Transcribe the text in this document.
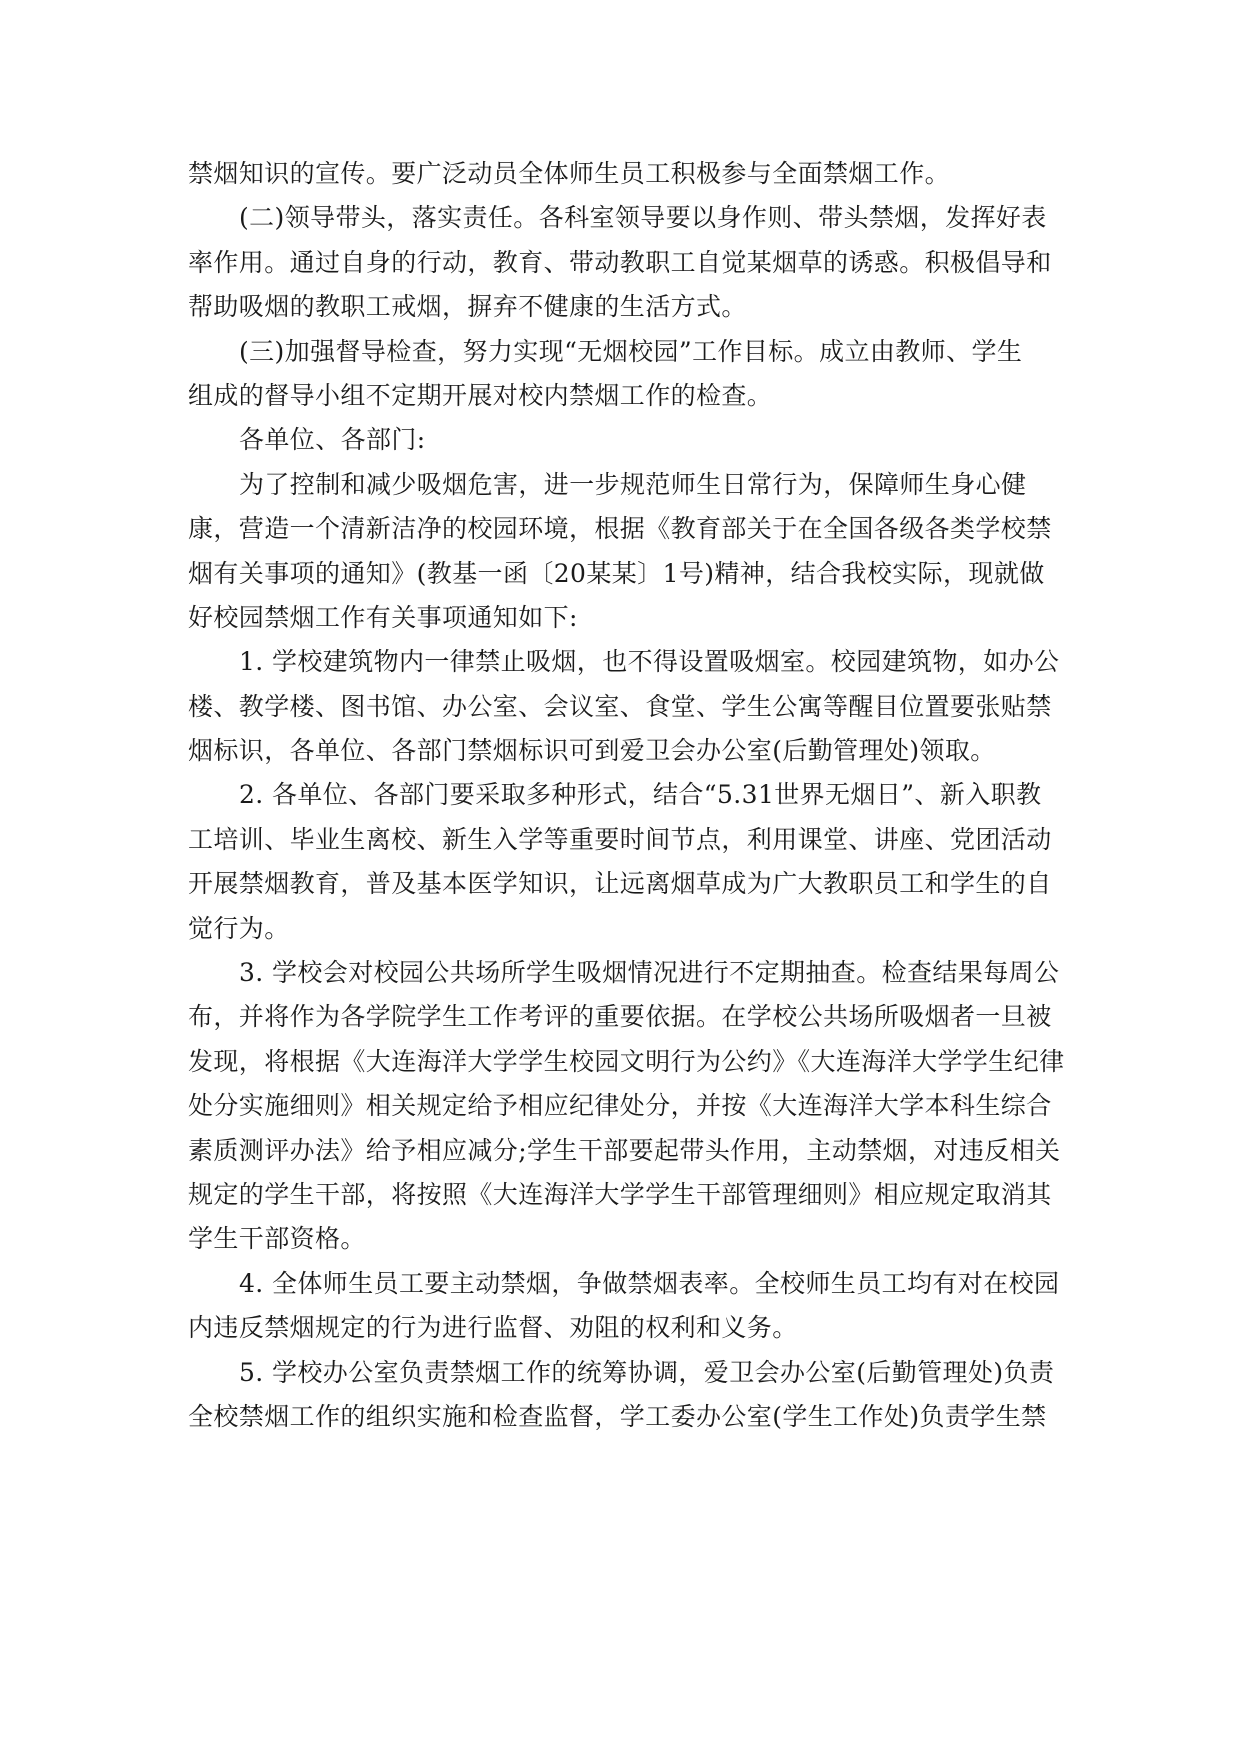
禁烟知识的宣传。要广泛动员全体师生员工积极参与全面禁烟工作。
(二)领导带头，落实责任。各科室领导要以身作则、带头禁烟，发挥好表
率作用。通过自身的行动，教育、带动教职工自觉某烟草的诱惑。积极倡导和
帮助吸烟的教职工戒烟，摒弃不健康的生活方式。
(三)加强督导检查，努力实现“无烟校园”工作目标。成立由教师、学生
组成的督导小组不定期开展对校内禁烟工作的检查。
各单位、各部门:
为了控制和减少吸烟危害，进一步规范师生日常行为，保障师生身心健
康，营造一个清新洁净的校园环境，根据《教育部关于在全国各级各类学校禁
烟有关事项的通知》(教基一函〔20某某〕1号)精神，结合我校实际，现就做
好校园禁烟工作有关事项通知如下:
1. 学校建筑物内一律禁止吸烟，也不得设置吸烟室。校园建筑物，如办公
楼、教学楼、图书馆、办公室、会议室、食堂、学生公寓等醒目位置要张贴禁
烟标识，各单位、各部门禁烟标识可到爱卫会办公室(后勤管理处)领取。
2. 各单位、各部门要采取多种形式，结合“5.31世界无烟日”、新入职教
工培训、毕业生离校、新生入学等重要时间节点，利用课堂、讲座、党团活动
开展禁烟教育，普及基本医学知识，让远离烟草成为广大教职员工和学生的自
觉行为。
3. 学校会对校园公共场所学生吸烟情况进行不定期抽查。检查结果每周公
布，并将作为各学院学生工作考评的重要依据。在学校公共场所吸烟者一旦被
发现，将根据《大连海洋大学学生校园文明行为公约》《大连海洋大学学生纪律
处分实施细则》相关规定给予相应纪律处分，并按《大连海洋大学本科生综合
素质测评办法》给予相应减分;学生干部要起带头作用，主动禁烟，对违反相关
规定的学生干部，将按照《大连海洋大学学生干部管理细则》相应规定取消其
学生干部资格。
4. 全体师生员工要主动禁烟，争做禁烟表率。全校师生员工均有对在校园
内违反禁烟规定的行为进行监督、劝阻的权利和义务。
5. 学校办公室负责禁烟工作的统筹协调，爱卫会办公室(后勤管理处)负责
全校禁烟工作的组织实施和检查监督，学工委办公室(学生工作处)负责学生禁
